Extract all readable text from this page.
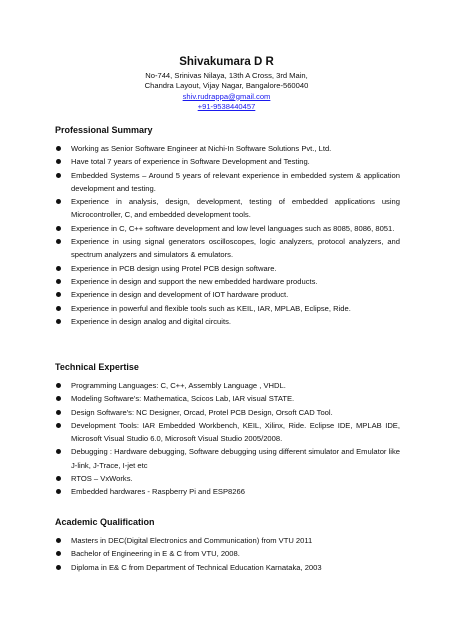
Shivakumara D R
No-744, Srinivas Nilaya, 13th A Cross, 3rd Main,
Chandra Layout, Vijay Nagar, Bangalore-560040
shiv.rudrappa@gmail.com
+91-9538440457
Professional Summary
Working as Senior Software Engineer at Nichi-In Software Solutions Pvt., Ltd.
Have total 7 years of experience in Software Development and Testing.
Embedded Systems – Around 5 years of relevant experience in embedded system & application development and testing.
Experience in analysis, design, development, testing of embedded applications using Microcontroller, C, and embedded development tools.
Experience in C, C++ software development and low level languages such as 8085, 8086, 8051.
Experience in using signal generators oscilloscopes, logic analyzers, protocol analyzers, and spectrum analyzers and simulators & emulators.
Experience in PCB design using Protel PCB design software.
Experience in design and support the new embedded hardware products.
Experience in design and development of IOT hardware product.
Experience in powerful and flexible tools such as KEIL, IAR, MPLAB, Eclipse, Ride.
Experience in design analog and digital circuits.
Technical Expertise
Programming Languages: C, C++, Assembly Language , VHDL.
Modeling Software's: Mathematica, Scicos Lab, IAR visual STATE.
Design Software's: NC Designer, Orcad, Protel PCB Design, Orsoft CAD Tool.
Development Tools: IAR Embedded Workbench, KEIL, Xilinx, Ride. Eclipse IDE, MPLAB IDE, Microsoft Visual Studio 6.0, Microsoft Visual Studio 2005/2008.
Debugging : Hardware debugging, Software debugging using different simulator and Emulator like J-link, J-Trace, I-jet etc
RTOS – VxWorks.
Embedded hardwares - Raspberry Pi and ESP8266
Academic Qualification
Masters in DEC(Digital Electronics and Communication) from VTU 2011
Bachelor of Engineering in E & C from VTU, 2008.
Diploma in E& C from Department of Technical Education Karnataka, 2003
